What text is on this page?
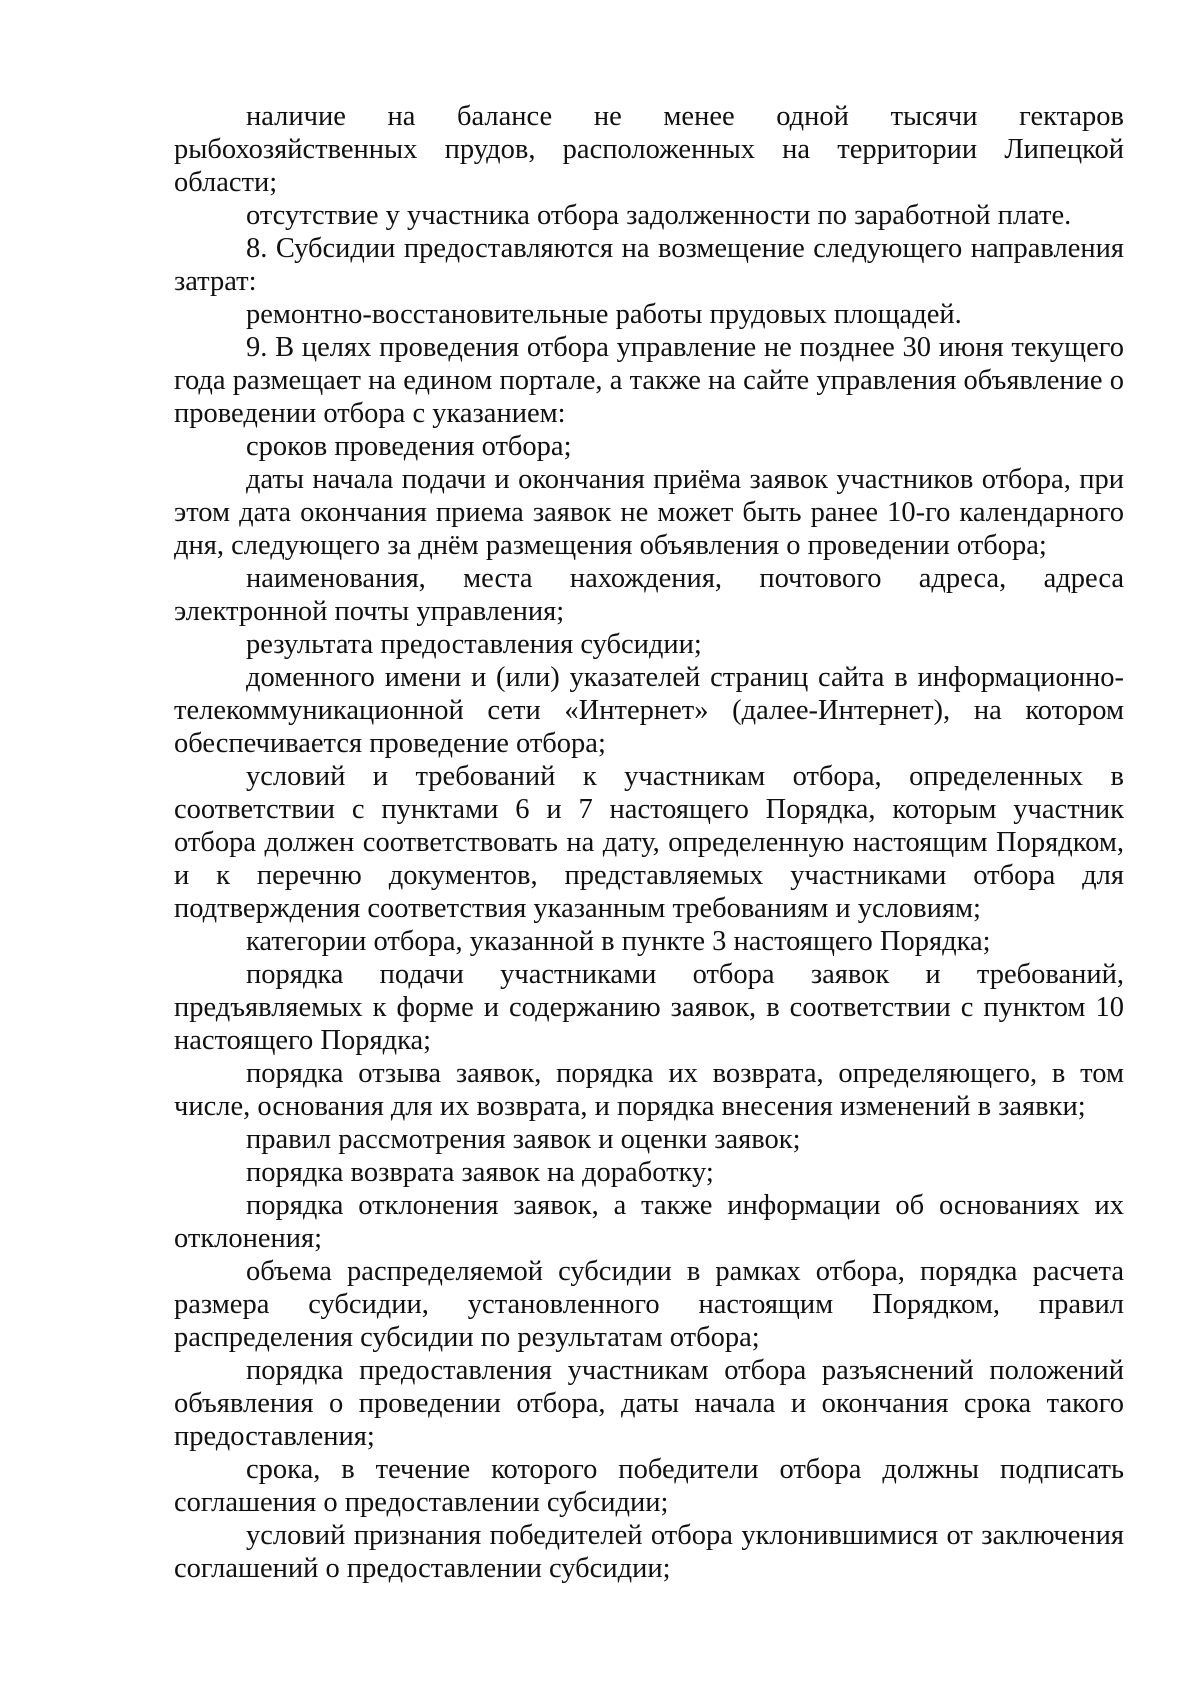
наличие на балансе не менее одной тысячи гектаров рыбохозяйственных прудов, расположенных на территории Липецкой области;

отсутствие у участника отбора задолженности по заработной плате.

8. Субсидии предоставляются на возмещение следующего направления затрат:

ремонтно-восстановительные работы прудовых площадей.

9. В целях проведения отбора управление не позднее 30 июня текущего года размещает на едином портале, а также на сайте управления объявление о проведении отбора с указанием:

сроков проведения отбора;

даты начала подачи и окончания приёма заявок участников отбора, при этом дата окончания приема заявок не может быть ранее 10-го календарного дня, следующего за днём размещения объявления о проведении отбора;

наименования, места нахождения, почтового адреса, адреса электронной почты управления;

результата предоставления субсидии;

доменного имени и (или) указателей страниц сайта в информационно-телекоммуникационной сети «Интернет» (далее-Интернет), на котором обеспечивается проведение отбора;

условий и требований к участникам отбора, определенных в соответствии с пунктами 6 и 7 настоящего Порядка, которым участник отбора должен соответствовать на дату, определенную настоящим Порядком, и к перечню документов, представляемых участниками отбора для подтверждения соответствия указанным требованиям и условиям;

категории отбора, указанной в пункте 3 настоящего Порядка;

порядка подачи участниками отбора заявок и требований, предъявляемых к форме и содержанию заявок, в соответствии с пунктом 10 настоящего Порядка;

порядка отзыва заявок, порядка их возврата, определяющего, в том числе, основания для их возврата, и порядка внесения изменений в заявки;

правил рассмотрения заявок и оценки заявок;

порядка возврата заявок на доработку;

порядка отклонения заявок, а также информации об основаниях их отклонения;

объема распределяемой субсидии в рамках отбора, порядка расчета размера субсидии, установленного настоящим Порядком, правил распределения субсидии по результатам отбора;

порядка предоставления участникам отбора разъяснений положений объявления о проведении отбора, даты начала и окончания срока такого предоставления;

срока, в течение которого победители отбора должны подписать соглашения о предоставлении субсидии;

условий признания победителей отбора уклонившимися от заключения соглашений о предоставлении субсидии;
